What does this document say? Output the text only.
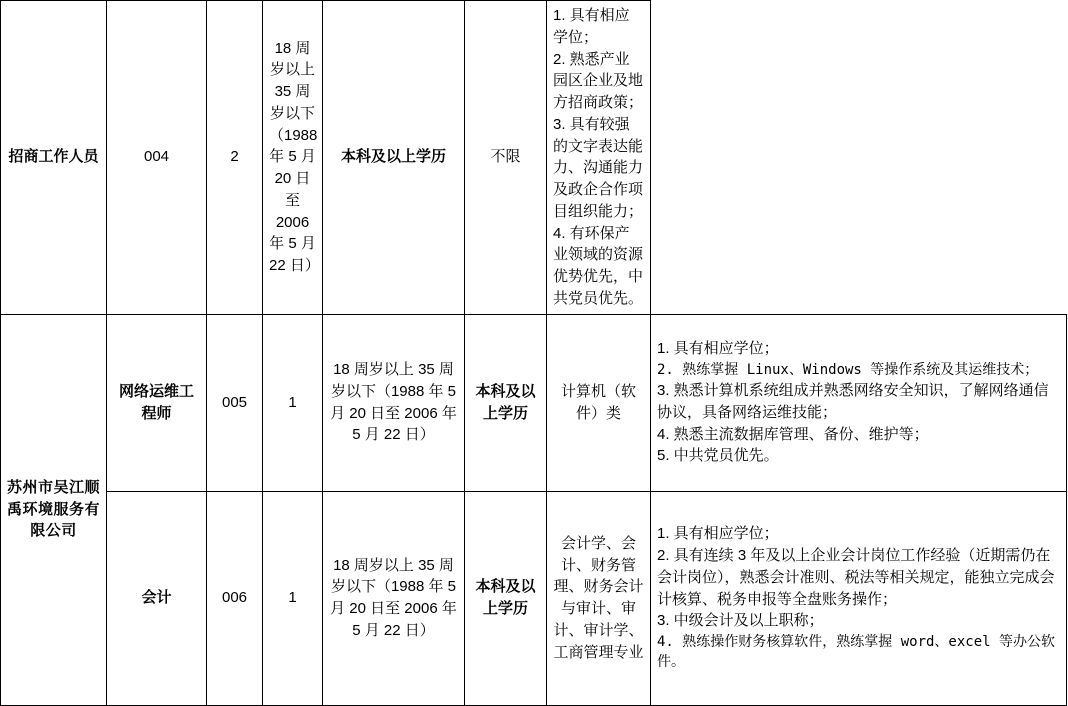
招商工作人员	004	2	18 周岁以上 35 周岁以下（1988 年 5 月 20 日至 2006 年 5 月 22 日）	本科及以上学历	不限	1. 具有相应学位；
2. 熟悉产业园区企业及地方招商政策；
3. 具有较强的文字表达能力、沟通能力及政企合作项目组织能力；
4. 有环保产业领域的资源优势优先，中共党员优先。	

苏州市吴江顺禹环境服务有限公司	网络运维工程师	005	1	18 周岁以上 35 周岁以下（1988 年 5 月 20 日至 2006 年 5 月 22 日）	本科及以上学历	计算机（软件）类	1. 具有相应学位；
2. 熟练掌握 Linux、Windows 等操作系统及其运维技术；
3. 熟悉计算机系统组成并熟悉网络安全知识，了解网络通信协议，具备网络运维技能；
4. 熟悉主流数据库管理、备份、维护等；
5. 中共党员优先。

	会计	006	1	18 周岁以上 35 周岁以下（1988 年 5 月 20 日至 2006 年 5 月 22 日）	本科及以上学历	会计学、会计、财务管理、财务会计与审计、审计、审计学、工商管理专业	1. 具有相应学位；
2. 具有连续 3 年及以上企业会计岗位工作经验（近期需仍在会计岗位），熟悉会计准则、税法等相关规定，能独立完成会计核算、税务申报等全盘账务操作；
3. 中级会计及以上职称；
4. 熟练操作财务核算软件，熟练掌握 word、excel 等办公软件。
